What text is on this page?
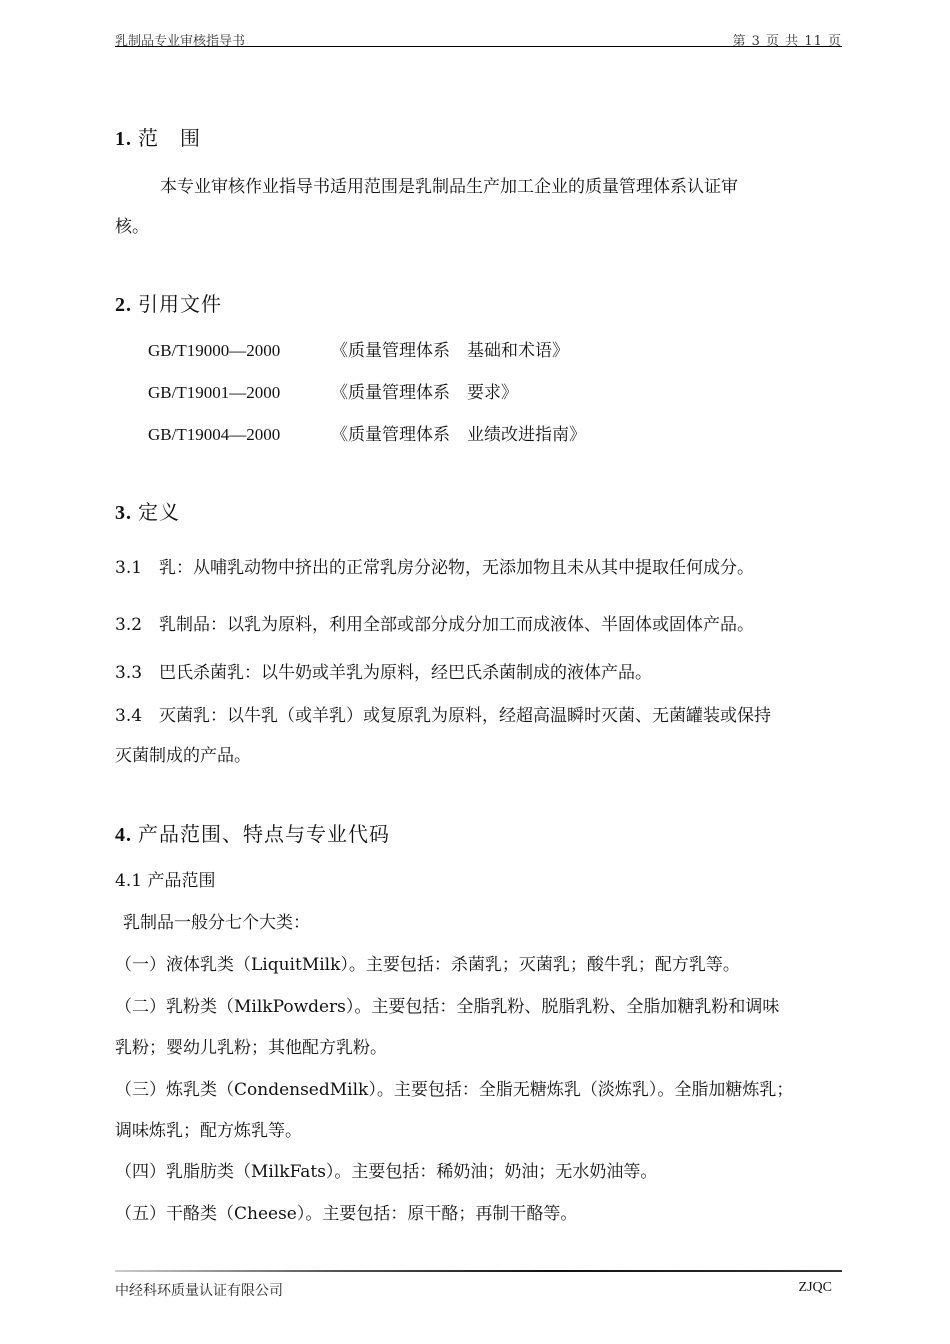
乳制品专业审核指导书	第 3 页 共 11 页
1. 范　围
本专业审核作业指导书适用范围是乳制品生产加工企业的质量管理体系认证审
核。
2. 引用文件
GB/T19000—2000	《质量管理体系　基础和术语》
GB/T19001—2000	《质量管理体系　要求》
GB/T19004—2000	《质量管理体系　业绩改进指南》
3. 定义
3.1　乳：从哺乳动物中挤出的正常乳房分泌物，无添加物且未从其中提取任何成分。
3.2　乳制品：以乳为原料，利用全部或部分成分加工而成液体、半固体或固体产品。
3.3　巴氏杀菌乳：以牛奶或羊乳为原料，经巴氏杀菌制成的液体产品。
3.4　灭菌乳：以牛乳（或羊乳）或复原乳为原料，经超高温瞬时灭菌、无菌罐装或保持
灭菌制成的产品。
4. 产品范围、特点与专业代码
4.1 产品范围
乳制品一般分七个大类：
（一）液体乳类（LiquitMilk）。主要包括：杀菌乳；灭菌乳；酸牛乳；配方乳等。
（二）乳粉类（MilkPowders）。主要包括：全脂乳粉、脱脂乳粉、全脂加糖乳粉和调味
乳粉；婴幼儿乳粉；其他配方乳粉。
（三）炼乳类（CondensedMilk）。主要包括：全脂无糖炼乳（淡炼乳）。全脂加糖炼乳；
调味炼乳；配方炼乳等。
（四）乳脂肪类（MilkFats）。主要包括：稀奶油；奶油；无水奶油等。
（五）干酪类（Cheese）。主要包括：原干酪；再制干酪等。
中经科环质量认证有限公司	ZJQC
